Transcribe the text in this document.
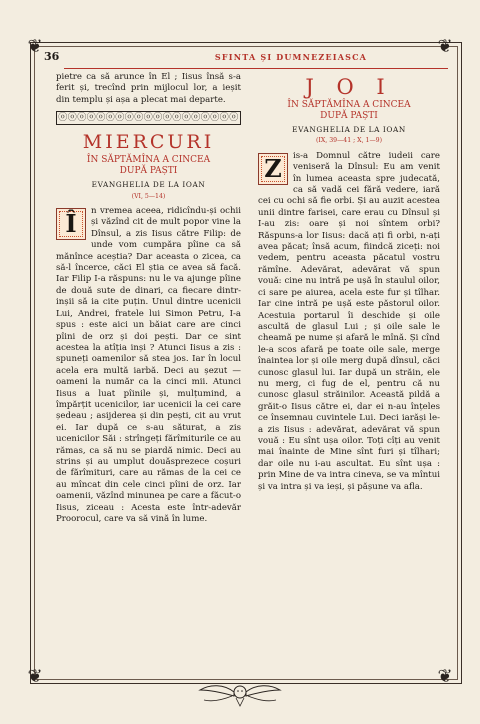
❦	❦
❦	❦
36	SFINTA ȘI DUMNEZEIASCA

pietre ca să arunce în El ; Iisus însă s-a ferit și, trecînd prin mijlocul lor, a ieșit din templu și așa a plecat mai departe.

ⓞⓞⓞⓞⓞⓞⓞⓞⓞⓞⓞⓞⓞⓞⓞⓞⓞⓞⓞ
MIERCURI
ÎN SĂPTĂMÎNA A CINCEA
DUPĂ PAȘTI
EVANGHELIA DE LA IOAN
(VI, 5—14)

Î	n vremea aceea, ridicîndu-și ochii și văzînd cit de mult popor vine la Dînsul, a zis Iisus către Filip: de unde vom cumpăra pîine ca să mănînce aceștia? Dar aceasta o zicea, ca să-l încerce, căci El știa ce avea să facă. Iar Filip I-a răspuns: nu le va ajunge pîine de două sute de dinari, ca fiecare dintr-inșii să ia cite puțin. Unul dintre ucenicii Lui, Andrei, fratele lui Simon Petru, I-a spus : este aici un băiat care are cinci pîini de orz și doi pești. Dar ce sint acestea la atîția inși ? Atunci Iisus a zis : spuneți oamenilor să stea jos. Iar în locul acela era multă iarbă. Deci au șezut — oameni la număr ca la cinci mii. Atunci Iisus a luat pîinile și, mulțumind, a împărțit ucenicilor, iar ucenicii la cei care ședeau ; asijderea și din pești, cit au vrut ei. Iar după ce s-au săturat, a zis ucenicilor Săi : strîngeți fărîmiturile ce au rămas, ca să nu se piardă nimic. Deci au strins și au umplut douăsprezece coșuri de fărîmituri, care au rămas de la cei ce au mîncat din cele cinci pîini de orz. Iar oamenii, văzînd minunea pe care a făcut-o Iisus, ziceau : Acesta este într-adevăr Proorocul, care va să vină în lume.

J O I
ÎN SĂPTĂMÎNA A CINCEA
DUPĂ PAȘTI
EVANGHELIA DE LA IOAN
(IX, 39—41 ; X, 1—9)

Z	is-a Domnul către iudeii care veniseră la Dînsul: Eu am venit în lumea aceasta spre judecată, ca să vadă cei fără vedere, iară cei cu ochi să fie orbi. Și au auzit acestea unii dintre farisei, care erau cu Dînsul și I-au zis: oare și noi sîntem orbi? Răspuns-a lor Iisus: dacă ați fi orbi, n-ați avea păcat; însă acum, fiindcă ziceți: noi vedem, pentru aceasta păcatul vostru rămîne. Adevărat, adevărat vă spun vouă: cine nu intră pe ușă în staulul oilor, ci sare pe aiurea, acela este fur și tîlhar. Iar cine intră pe ușă este păstorul oilor. Acestuia portarul îi deschide și oile ascultă de glasul Lui ; și oile sale le cheamă pe nume și afară le mînă. Și cînd le-a scos afară pe toate oile sale, merge înaintea lor și oile merg după dînsul, căci cunosc glasul lui. Iar după un străin, ele nu merg, ci fug de el, pentru că nu cunosc glasul străinilor. Această pildă a grăit-o Iisus către ei, dar ei n-au înțeles ce însemnau cuvintele Lui. Deci iarăși le-a zis Iisus : adevărat, adevărat vă spun vouă : Eu sînt ușa oilor. Toți cîți au venit mai înainte de Mine sînt furi și tîlhari; dar oile nu i-au ascultat. Eu sînt ușa : prin Mine de va intra cineva, se va mîntui și va intra și va ieși, și pășune va afla.
